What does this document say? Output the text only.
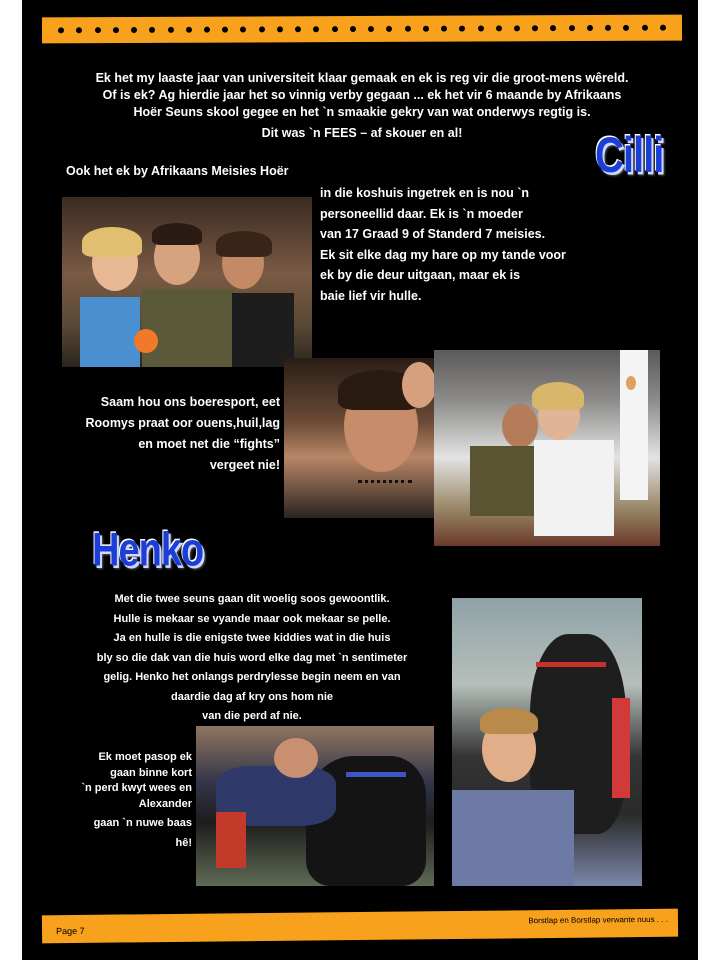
Ek het my laaste jaar van universiteit klaar gemaak en ek is reg vir die groot-mens wêreld.
Of is ek? Ag hierdie jaar het so vinnig verby gegaan ... ek het vir 6 maande by Afrikaans
Hoër Seuns skool gegee en het `n smaakie gekry van wat onderwys regtig is.
Dit was `n FEES – af skouer en al!	Cilli
Ook het ek by Afrikaans Meisies Hoër
in die koshuis ingetrek en is nou `n
personeellid daar. Ek is `n moeder
van 17 Graad 9 of Standerd 7 meisies.
Ek sit elke dag my hare op my tande voor
ek by die deur uitgaan, maar ek is
baie lief vir hulle.
Saam hou ons boeresport, eet
Roomys praat oor ouens,huil,lag
en moet net die “fights”
vergeet nie!
Henko
Met die twee seuns gaan dit woelig soos gewoontlik.
Hulle is mekaar se vyande maar ook mekaar se pelle.
Ja en hulle is die enigste twee kiddies wat in die huis
bly so die dak van die huis word elke dag met `n sentimeter
gelig. Henko het onlangs perdrylesse begin neem en van
daardie dag af kry ons hom nie
van die perd af nie.
Ek moet pasop ek
gaan binne kort
`n perd kwyt wees en
Alexander
gaan `n nuwe baas
hê!
Page 7
Borstlap en Borstlap verwante nuus . . .
